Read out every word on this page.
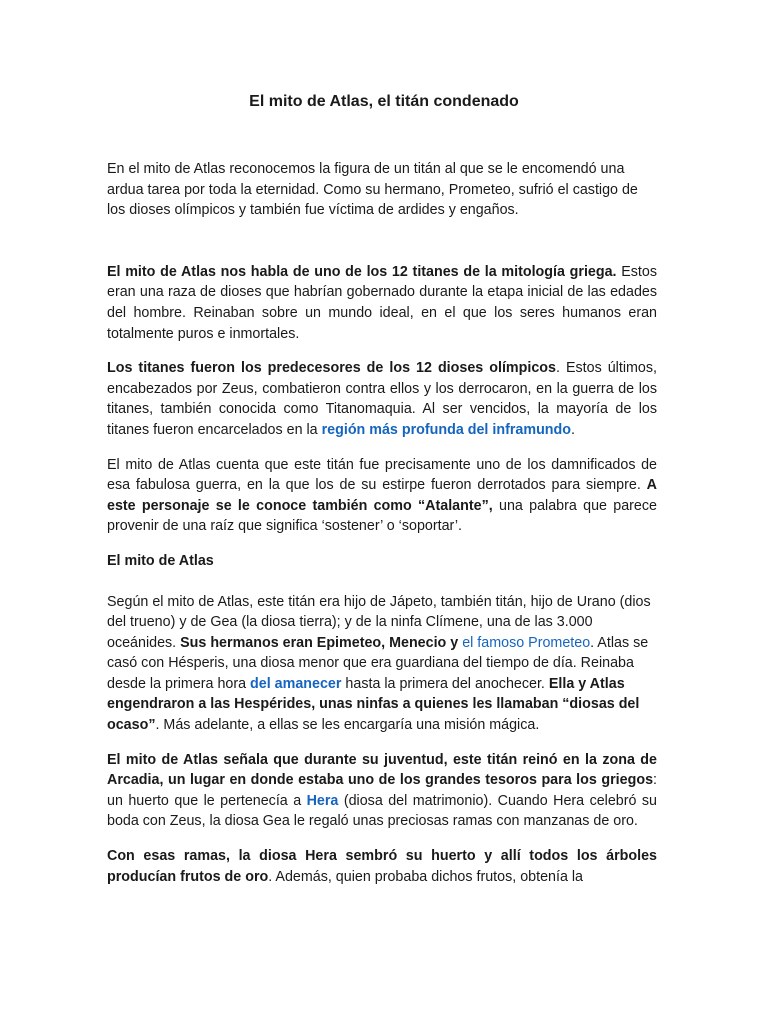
El mito de Atlas, el titán condenado

En el mito de Atlas reconocemos la figura de un titán al que se le encomendó una ardua tarea por toda la eternidad. Como su hermano, Prometeo, sufrió el castigo de los dioses olímpicos y también fue víctima de ardides y engaños.

El mito de Atlas nos habla de uno de los 12 titanes de la mitología griega. Estos eran una raza de dioses que habrían gobernado durante la etapa inicial de las edades del hombre. Reinaban sobre un mundo ideal, en el que los seres humanos eran totalmente puros e inmortales.

Los titanes fueron los predecesores de los 12 dioses olímpicos. Estos últimos, encabezados por Zeus, combatieron contra ellos y los derrocaron, en la guerra de los titanes, también conocida como Titanomaquia. Al ser vencidos, la mayoría de los titanes fueron encarcelados en la región más profunda del inframundo.

El mito de Atlas cuenta que este titán fue precisamente uno de los damnificados de esa fabulosa guerra, en la que los de su estirpe fueron derrotados para siempre. A este personaje se le conoce también como “Atalante”, una palabra que parece provenir de una raíz que significa ‘sostener’ o ‘soportar’.

El mito de Atlas

Según el mito de Atlas, este titán era hijo de Jápeto, también titán, hijo de Urano (dios del trueno) y de Gea (la diosa tierra); y de la ninfa Clímene, una de las 3.000 oceánides. Sus hermanos eran Epimeteo, Menecio y el famoso Prometeo. Atlas se casó con Hésperis, una diosa menor que era guardiana del tiempo de día. Reinaba desde la primera hora del amanecer hasta la primera del anochecer. Ella y Atlas engendraron a las Hespérides, unas ninfas a quienes les llamaban “diosas del ocaso”. Más adelante, a ellas se les encargaría una misión mágica.

El mito de Atlas señala que durante su juventud, este titán reinó en la zona de Arcadia, un lugar en donde estaba uno de los grandes tesoros para los griegos: un huerto que le pertenecía a Hera (diosa del matrimonio). Cuando Hera celebró su boda con Zeus, la diosa Gea le regaló unas preciosas ramas con manzanas de oro.

Con esas ramas, la diosa Hera sembró su huerto y allí todos los árboles producían frutos de oro. Además, quien probaba dichos frutos, obtenía la
